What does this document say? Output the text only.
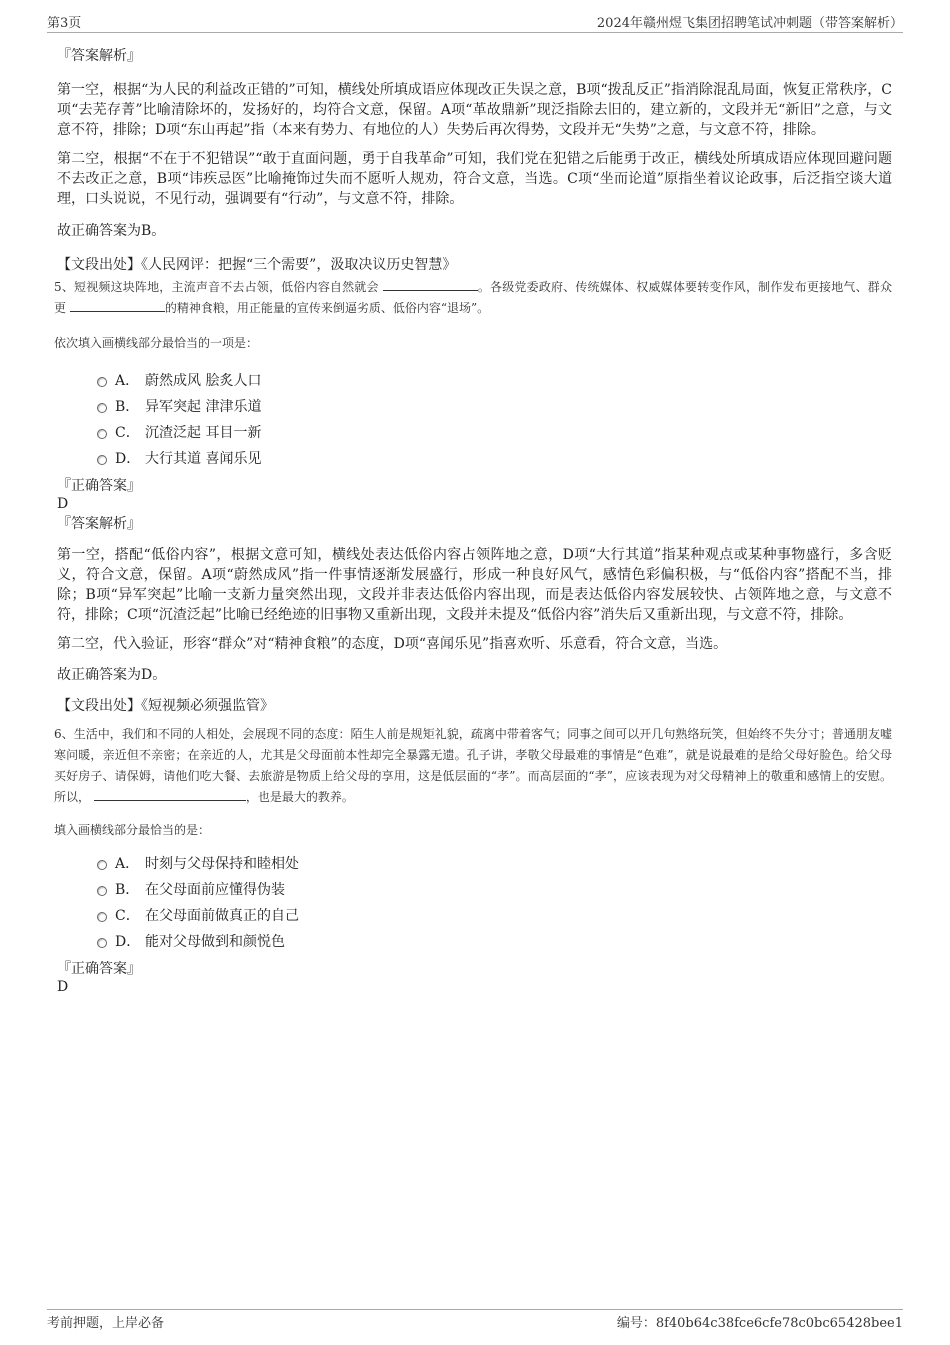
第3页	2024年赣州煜飞集团招聘笔试冲刺题（带答案解析）
『答案解析』
第一空，根据“为人民的利益改正错的”可知，横线处所填成语应体现改正失误之意，B项“拨乱反正”指消除混乱局面，恢复正常秩序，C项“去芜存菁”比喻清除坏的，发扬好的，均符合文意，保留。A项“革故鼎新”现泛指除去旧的，建立新的，文段并无“新旧”之意，与文意不符，排除；D项“东山再起”指（本来有势力、有地位的人）失势后再次得势，文段并无“失势”之意，与文意不符，排除。
第二空，根据“不在于不犯错误”“敢于直面问题，勇于自我革命”可知，我们党在犯错之后能勇于改正，横线处所填成语应体现回避问题不去改正之意，B项“讳疾忌医”比喻掩饰过失而不愿听人规劝，符合文意，当选。C项“坐而论道”原指坐着议论政事，后泛指空谈大道理，口头说说，不见行动，强调要有“行动”，与文意不符，排除。
故正确答案为B。
【文段出处】《人民网评：把握“三个需要”，汲取决议历史智慧》
5、短视频这块阵地，主流声音不去占领，低俗内容自然就会	。各级党委政府、传统媒体、权威媒体要转变作风，制作发布更接地气、群众更	的精神食粮，用正能量的宣传来倒逼劣质、低俗内容“退场”。
依次填入画横线部分最恰当的一项是：
A． 蔚然成风 脍炙人口
B． 异军突起 津津乐道
C． 沉渣泛起 耳目一新
D． 大行其道 喜闻乐见
『正确答案』
D
『答案解析』
第一空，搭配“低俗内容”，根据文意可知，横线处表达低俗内容占领阵地之意，D项“大行其道”指某种观点或某种事物盛行，多含贬义，符合文意，保留。A项“蔚然成风”指一件事情逐渐发展盛行，形成一种良好风气，感情色彩偏积极，与“低俗内容”搭配不当，排除；B项“异军突起”比喻一支新力量突然出现，文段并非表达低俗内容出现，而是表达低俗内容发展较快、占领阵地之意，与文意不符，排除；C项“沉渣泛起”比喻已经绝迹的旧事物又重新出现，文段并未提及“低俗内容”消失后又重新出现，与文意不符，排除。
第二空，代入验证，形容“群众”对“精神食粮”的态度，D项“喜闻乐见”指喜欢听、乐意看，符合文意，当选。
故正确答案为D。
【文段出处】《短视频必须强监管》
6、生活中，我们和不同的人相处，会展现不同的态度：陌生人前是规矩礼貌，疏离中带着客气；同事之间可以开几句熟络玩笑，但始终不失分寸；普通朋友嘘寒问暖，亲近但不亲密；在亲近的人，尤其是父母面前本性却完全暴露无遗。孔子讲，孝敬父母最难的事情是“色难”，就是说最难的是给父母好脸色。给父母买好房子、请保姆，请他们吃大餐、去旅游是物质上给父母的享用，这是低层面的“孝”。而高层面的“孝”，应该表现为对父母精神上的敬重和感情上的安慰。所以，	，也是最大的教养。
填入画横线部分最恰当的是：
A． 时刻与父母保持和睦相处
B． 在父母面前应懂得伪装
C． 在父母面前做真正的自己
D． 能对父母做到和颜悦色
『正确答案』
D
考前押题，上岸必备	编号：8f40b64c38fce6cfe78c0bc65428bee1
